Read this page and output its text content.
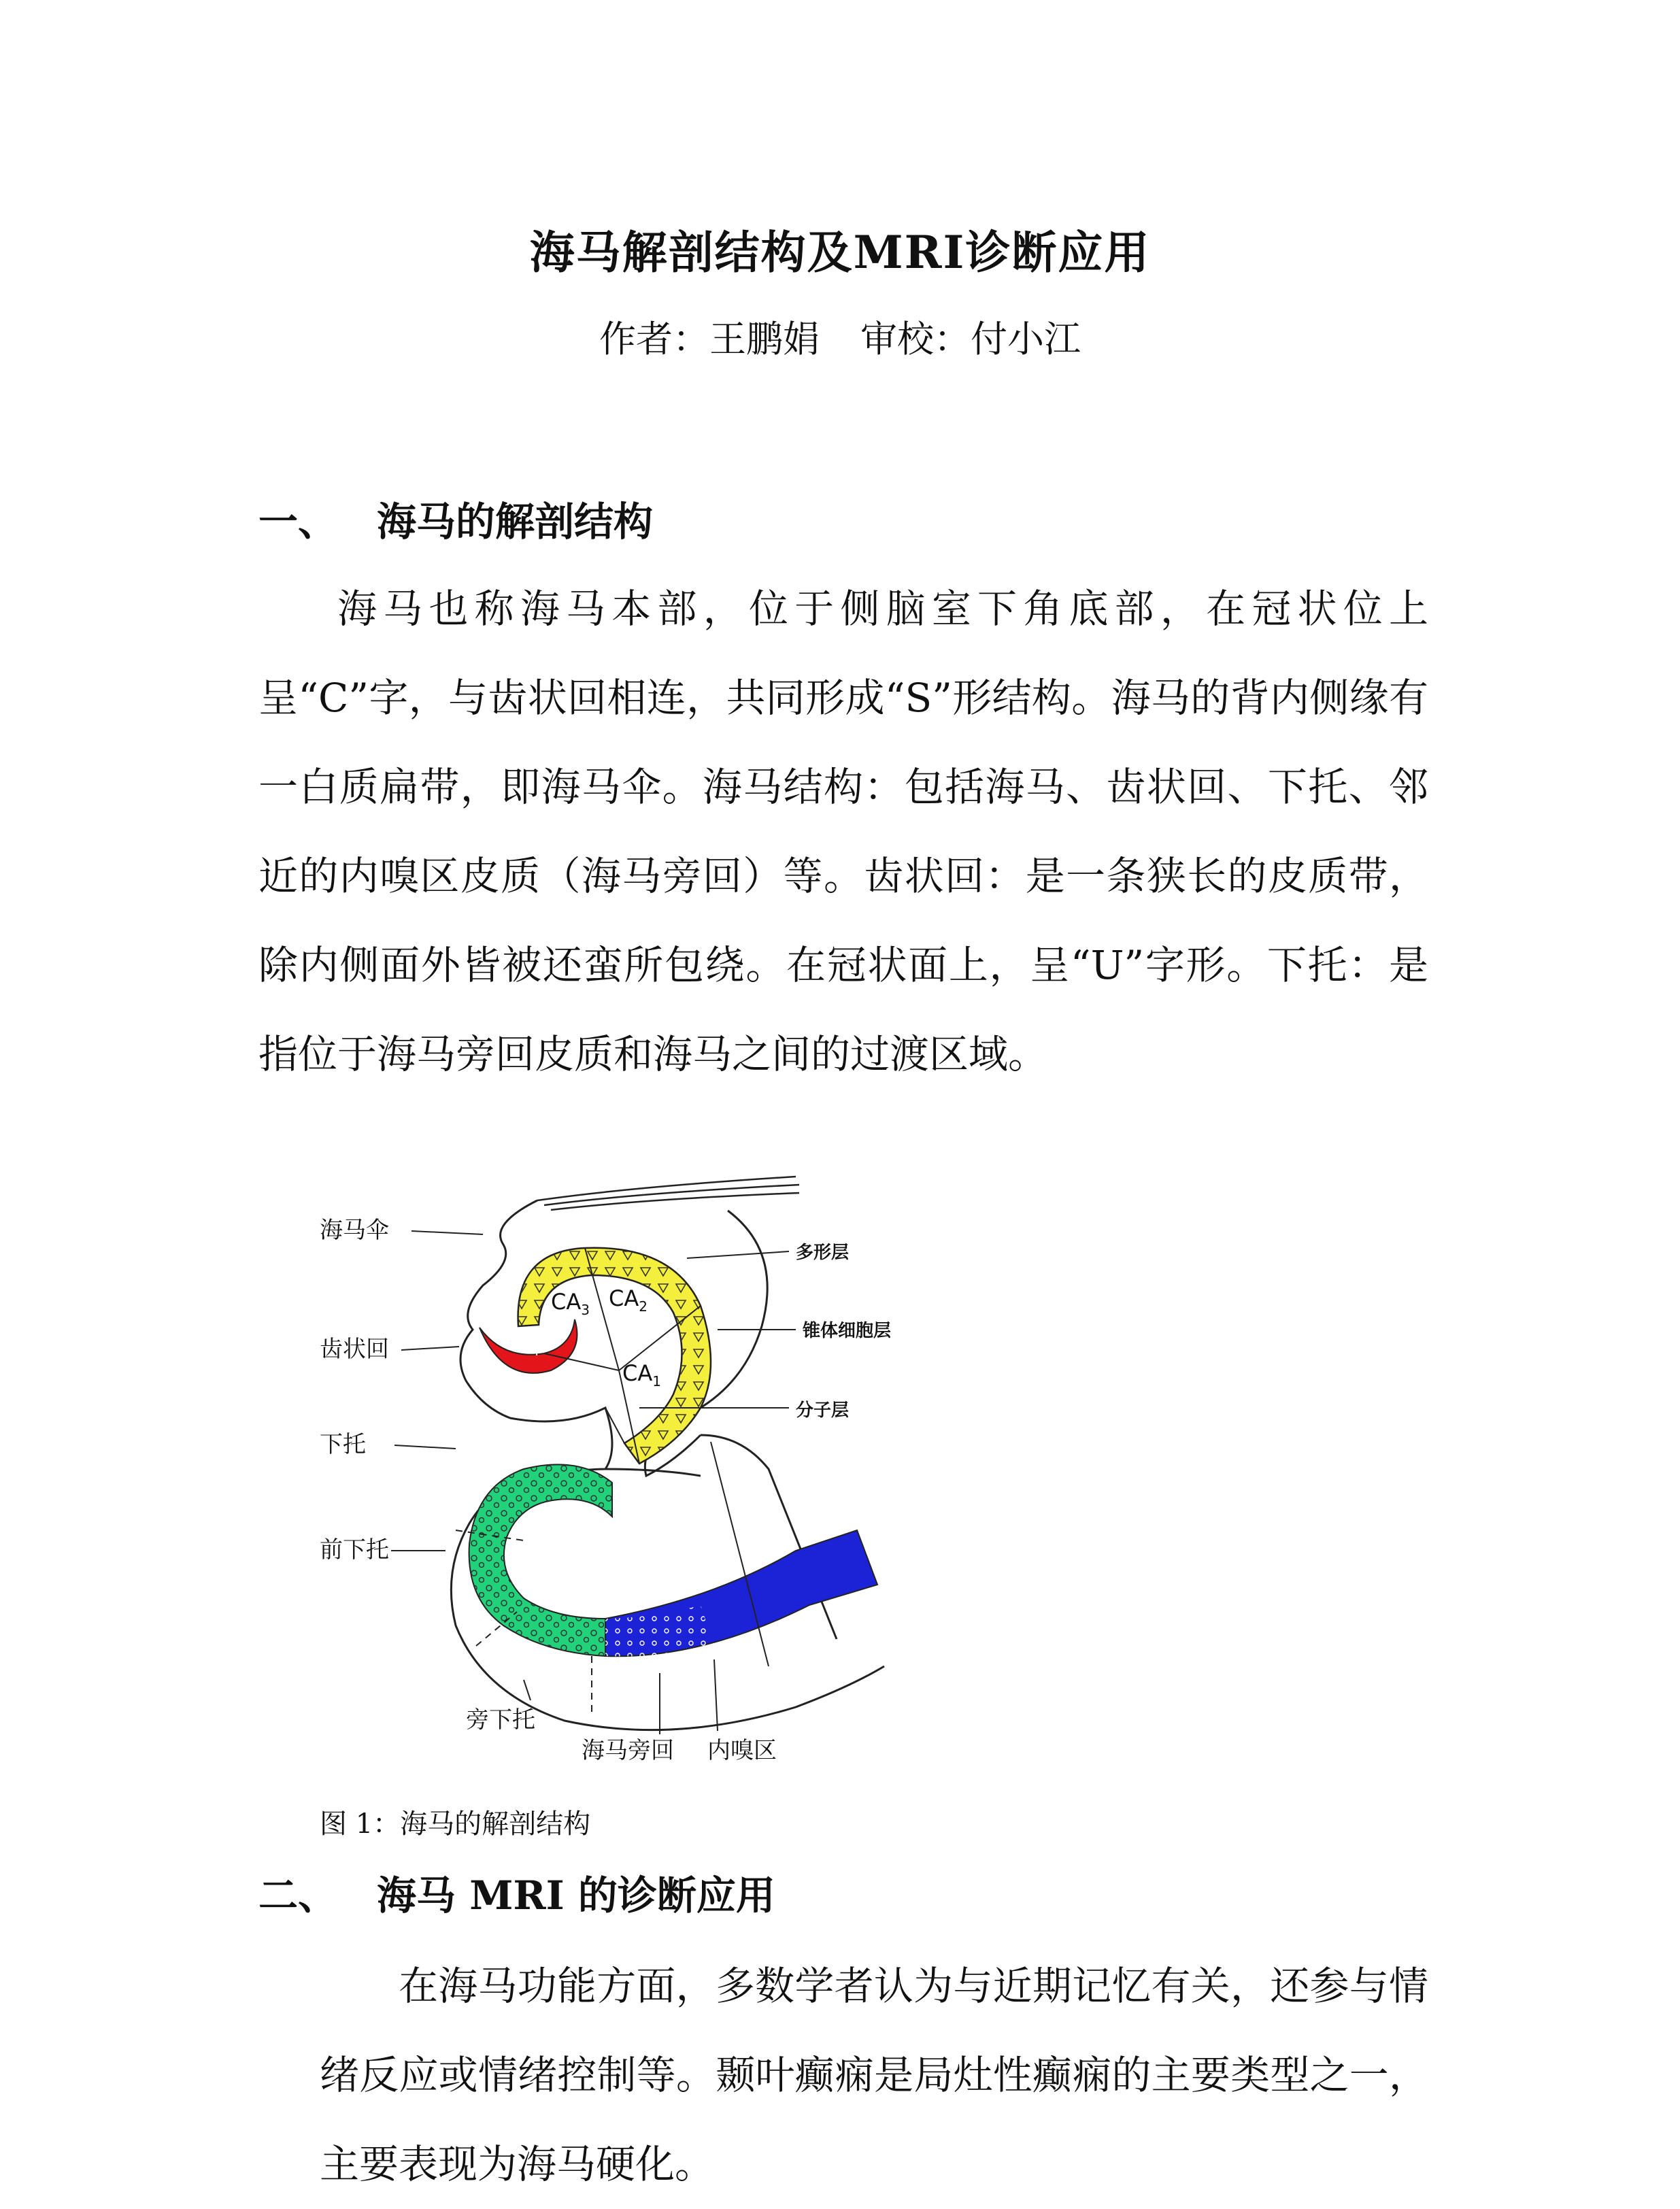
海马解剖结构及MRI诊断应用
作者：王鹏娟 审校：付小江
一、 海马的解剖结构
海马也称海马本部，位于侧脑室下角底部，在冠状位上呈“C”字，与齿状回相连，共同形成“S”形结构。海马的背内侧缘有一白质扁带，即海马伞。海马结构：包括海马、齿状回、下托、邻近的内嗅区皮质（海马旁回）等。齿状回：是一条狭长的皮质带，除内侧面外皆被还蛮所包绕。在冠状面上，呈“U”字形。下托：是指位于海马旁回皮质和海马之间的过渡区域。
海马伞
多形层
锥体细胞层
齿状回
分子层
下托
前下托
旁下托
海马旁回 内嗅区
$CA_3$ $CA_2$
$CA_4$
$CA_1$
图 1：海马的解剖结构
二、 海马 MRI 的诊断应用
在海马功能方面，多数学者认为与近期记忆有关，还参与情绪反应或情绪控制等。颞叶癫痫是局灶性癫痫的主要类型之一，主要表现为海马硬化。
